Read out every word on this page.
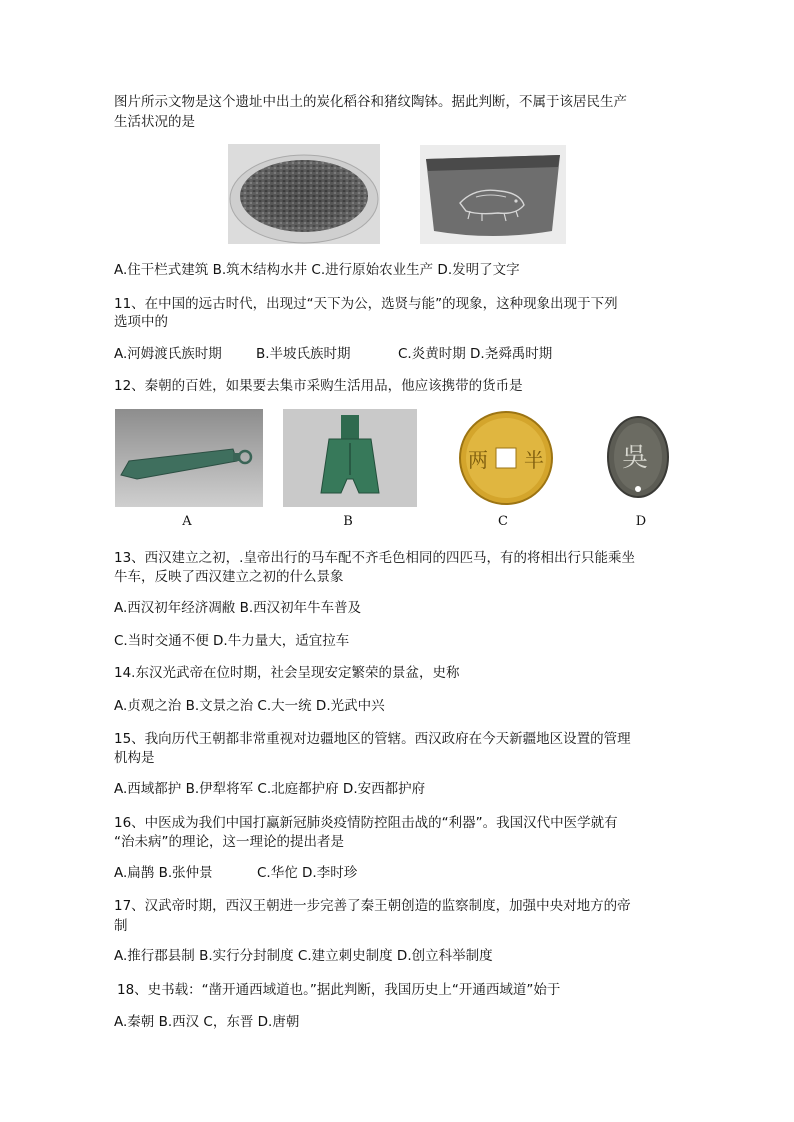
图片所示文物是这个遗址中出土的炭化稻谷和猪纹陶钵。据此判断，不属于该居民生产
生活状况的是
A.住干栏式建筑 B.筑木结构水井 C.进行原始农业生产 D.发明了文字
11、在中国的远古时代，出现过“天下为公，选贤与能”的现象，这种现象出现于下列
选项中的
A.河姆渡氏族时期	B.半坡氏族时期	C.炎黄时期 D.尧舜禹时期
12、秦朝的百姓，如果要去集市采购生活用品，他应该携带的货币是
A	B
两 半
C
吳
D
13、西汉建立之初，.皇帝出行的马车配不齐毛色相同的四匹马，有的将相出行只能乘坐
牛车，反映了西汉建立之初的什么景象
A.西汉初年经济凋敝 B.西汉初年牛车普及
C.当时交通不便 D.牛力量大，适宜拉车
14.东汉光武帝在位时期，社会呈现安定繁荣的景盆，史称
A.贞观之治 B.文景之治 C.大一统 D.光武中兴
15、我向历代王朝都非常重视对边疆地区的管辖。西汉政府在今天新疆地区设置的管理
机构是
A.西域都护 B.伊犁将军 C.北庭都护府 D.安西都护府
16、中医成为我们中国打赢新冠肺炎疫情防控阻击战的“利器”。我国汉代中医学就有
“治未病”的理论，这一理论的提出者是
A.扁鹊 B.张仲景	C.华佗 D.李时珍
17、汉武帝时期，西汉王朝进一步完善了秦王朝创造的监察制度，加强中央对地方的帝
制
A.推行郡县制 B.实行分封制度 C.建立刺史制度 D.创立科举制度
18、史书载：“凿开通西域道也。”据此判断，我国历史上“开通西域道”始于
A.秦朝 B.西汉 C，东晋 D.唐朝
